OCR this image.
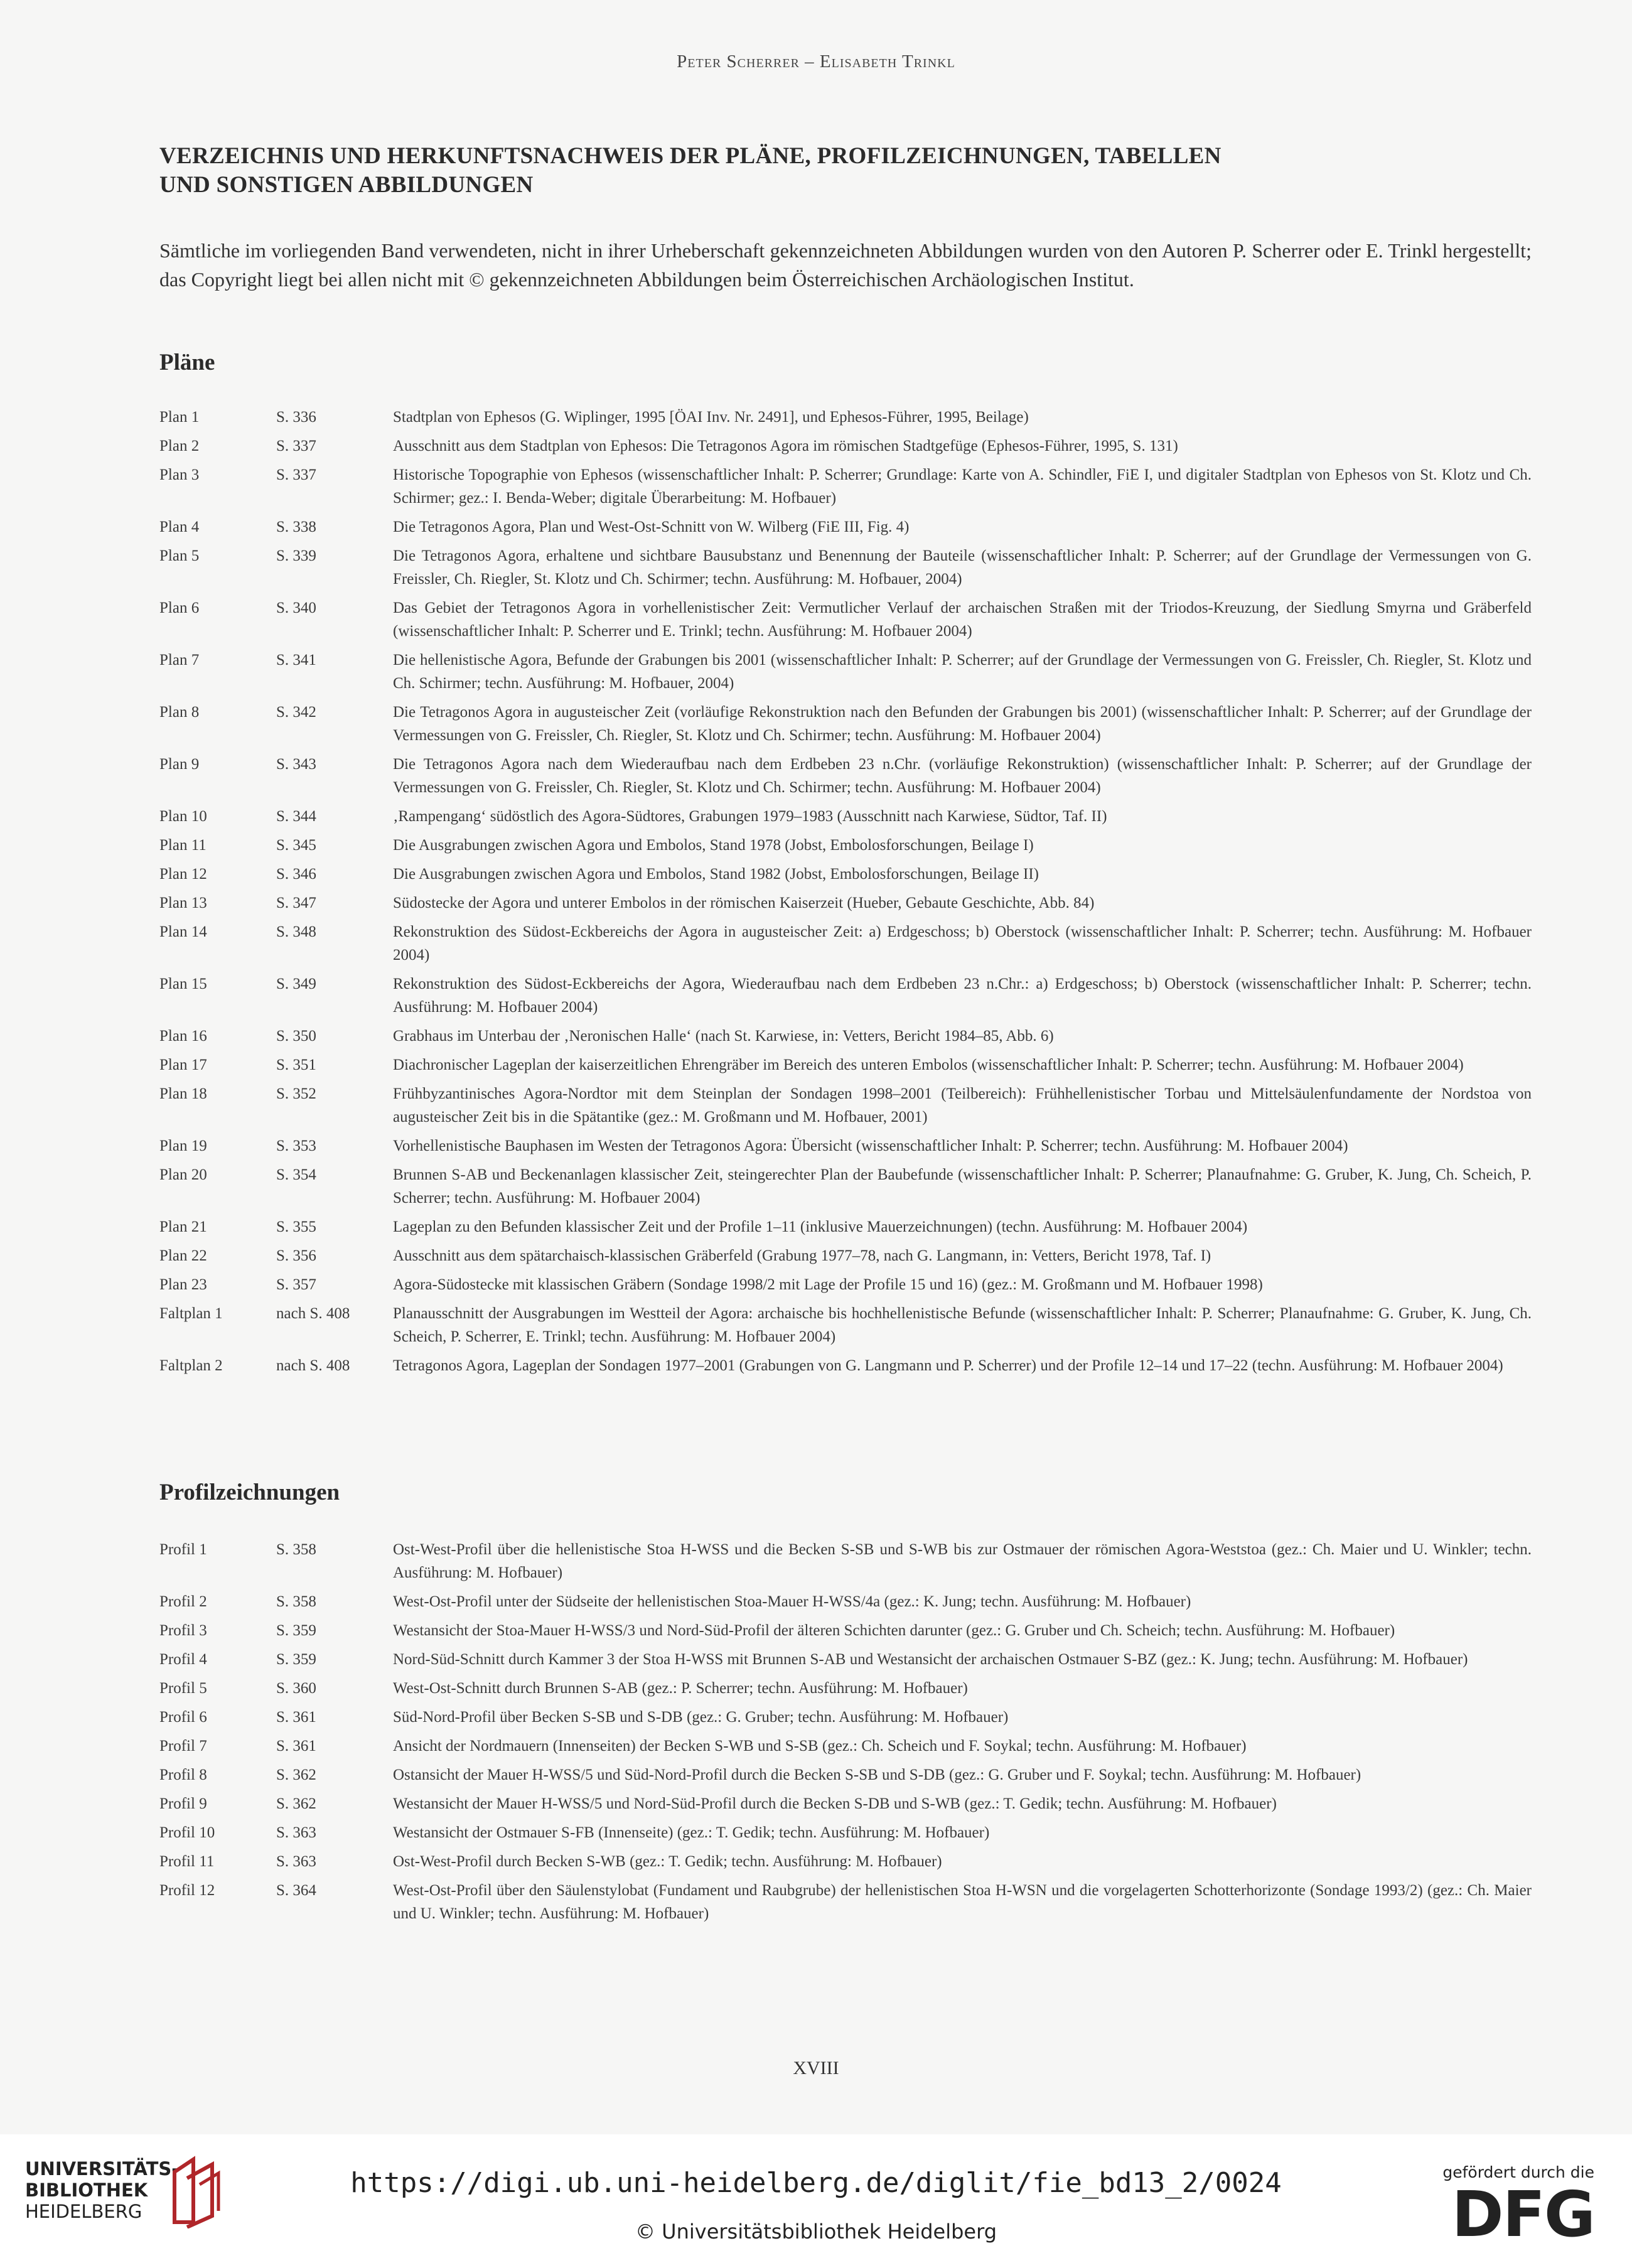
Peter Scherrer – Elisabeth Trinkl
VERZEICHNIS UND HERKUNFTSNACHWEIS DER PLÄNE, PROFILZEICHNUNGEN, TABELLEN
UND SONSTIGEN ABBILDUNGEN
Sämtliche im vorliegenden Band verwendeten, nicht in ihrer Urheberschaft gekennzeichneten Abbildungen wurden von den Autoren P. Scherrer oder E. Trinkl hergestellt; das Copyright liegt bei allen nicht mit © gekennzeichneten Abbildungen beim Österreichischen Archäologischen Institut.
Pläne
Plan 1	S. 336	Stadtplan von Ephesos (G. Wiplinger, 1995 [ÖAI Inv. Nr. 2491], und Ephesos-Führer, 1995, Beilage)
Plan 2	S. 337	Ausschnitt aus dem Stadtplan von Ephesos: Die Tetragonos Agora im römischen Stadtgefüge (Ephesos-Führer, 1995, S. 131)
Plan 3	S. 337	Historische Topographie von Ephesos (wissenschaftlicher Inhalt: P. Scherrer; Grundlage: Karte von A. Schindler, FiE I, und digitaler Stadtplan von Ephesos von St. Klotz und Ch. Schirmer; gez.: I. Benda-Weber; digitale Überarbeitung: M. Hofbauer)
Plan 4	S. 338	Die Tetragonos Agora, Plan und West-Ost-Schnitt von W. Wilberg (FiE III, Fig. 4)
Plan 5	S. 339	Die Tetragonos Agora, erhaltene und sichtbare Bausubstanz und Benennung der Bauteile (wissenschaftlicher Inhalt: P. Scherrer; auf der Grundlage der Vermessungen von G. Freissler, Ch. Riegler, St. Klotz und Ch. Schirmer; techn. Ausführung: M. Hofbauer, 2004)
Plan 6	S. 340	Das Gebiet der Tetragonos Agora in vorhellenistischer Zeit: Vermutlicher Verlauf der archaischen Straßen mit der Triodos-Kreuzung, der Siedlung Smyrna und Gräberfeld (wissenschaftlicher Inhalt: P. Scherrer und E. Trinkl; techn. Ausführung: M. Hofbauer 2004)
Plan 7	S. 341	Die hellenistische Agora, Befunde der Grabungen bis 2001 (wissenschaftlicher Inhalt: P. Scherrer; auf der Grundlage der Vermessungen von G. Freissler, Ch. Riegler, St. Klotz und Ch. Schirmer; techn. Ausführung: M. Hofbauer, 2004)
Plan 8	S. 342	Die Tetragonos Agora in augusteischer Zeit (vorläufige Rekonstruktion nach den Befunden der Grabungen bis 2001) (wissenschaftlicher Inhalt: P. Scherrer; auf der Grundlage der Vermessungen von G. Freissler, Ch. Riegler, St. Klotz und Ch. Schirmer; techn. Ausführung: M. Hofbauer 2004)
Plan 9	S. 343	Die Tetragonos Agora nach dem Wiederaufbau nach dem Erdbeben 23 n.Chr. (vorläufige Rekonstruktion) (wissenschaftlicher Inhalt: P. Scherrer; auf der Grundlage der Vermessungen von G. Freissler, Ch. Riegler, St. Klotz und Ch. Schirmer; techn. Ausführung: M. Hofbauer 2004)
Plan 10	S. 344	‚Rampengang‘ südöstlich des Agora-Südtores, Grabungen 1979–1983 (Ausschnitt nach Karwiese, Südtor, Taf. II)
Plan 11	S. 345	Die Ausgrabungen zwischen Agora und Embolos, Stand 1978 (Jobst, Embolosforschungen, Beilage I)
Plan 12	S. 346	Die Ausgrabungen zwischen Agora und Embolos, Stand 1982 (Jobst, Embolosforschungen, Beilage II)
Plan 13	S. 347	Südostecke der Agora und unterer Embolos in der römischen Kaiserzeit (Hueber, Gebaute Geschichte, Abb. 84)
Plan 14	S. 348	Rekonstruktion des Südost-Eckbereichs der Agora in augusteischer Zeit: a) Erdgeschoss; b) Oberstock (wissenschaftlicher Inhalt: P. Scherrer; techn. Ausführung: M. Hofbauer 2004)
Plan 15	S. 349	Rekonstruktion des Südost-Eckbereichs der Agora, Wiederaufbau nach dem Erdbeben 23 n.Chr.: a) Erdgeschoss; b) Oberstock (wissenschaftlicher Inhalt: P. Scherrer; techn. Ausführung: M. Hofbauer 2004)
Plan 16	S. 350	Grabhaus im Unterbau der ‚Neronischen Halle‘ (nach St. Karwiese, in: Vetters, Bericht 1984–85, Abb. 6)
Plan 17	S. 351	Diachronischer Lageplan der kaiserzeitlichen Ehrengräber im Bereich des unteren Embolos (wissenschaftlicher Inhalt: P. Scherrer; techn. Ausführung: M. Hofbauer 2004)
Plan 18	S. 352	Frühbyzantinisches Agora-Nordtor mit dem Steinplan der Sondagen 1998–2001 (Teilbereich): Frühhellenistischer Torbau und Mittelsäulenfundamente der Nordstoa von augusteischer Zeit bis in die Spätantike (gez.: M. Großmann und M. Hofbauer, 2001)
Plan 19	S. 353	Vorhellenistische Bauphasen im Westen der Tetragonos Agora: Übersicht (wissenschaftlicher Inhalt: P. Scherrer; techn. Ausführung: M. Hofbauer 2004)
Plan 20	S. 354	Brunnen S-AB und Beckenanlagen klassischer Zeit, steingerechter Plan der Baubefunde (wissenschaftlicher Inhalt: P. Scherrer; Planaufnahme: G. Gruber, K. Jung, Ch. Scheich, P. Scherrer; techn. Ausführung: M. Hofbauer 2004)
Plan 21	S. 355	Lageplan zu den Befunden klassischer Zeit und der Profile 1–11 (inklusive Mauerzeichnungen) (techn. Ausführung: M. Hofbauer 2004)
Plan 22	S. 356	Ausschnitt aus dem spätarchaisch-klassischen Gräberfeld (Grabung 1977–78, nach G. Langmann, in: Vetters, Bericht 1978, Taf. I)
Plan 23	S. 357	Agora-Südostecke mit klassischen Gräbern (Sondage 1998/2 mit Lage der Profile 15 und 16) (gez.: M. Großmann und M. Hofbauer 1998)
Faltplan 1	nach S. 408	Planausschnitt der Ausgrabungen im Westteil der Agora: archaische bis hochhellenistische Befunde (wissenschaftlicher Inhalt: P. Scherrer; Planaufnahme: G. Gruber, K. Jung, Ch. Scheich, P. Scherrer, E. Trinkl; techn. Ausführung: M. Hofbauer 2004)
Faltplan 2	nach S. 408	Tetragonos Agora, Lageplan der Sondagen 1977–2001 (Grabungen von G. Langmann und P. Scherrer) und der Profile 12–14 und 17–22 (techn. Ausführung: M. Hofbauer 2004)
Profilzeichnungen
Profil 1	S. 358	Ost-West-Profil über die hellenistische Stoa H-WSS und die Becken S-SB und S-WB bis zur Ostmauer der römischen Agora-Weststoa (gez.: Ch. Maier und U. Winkler; techn. Ausführung: M. Hofbauer)
Profil 2	S. 358	West-Ost-Profil unter der Südseite der hellenistischen Stoa-Mauer H-WSS/4a (gez.: K. Jung; techn. Ausführung: M. Hofbauer)
Profil 3	S. 359	Westansicht der Stoa-Mauer H-WSS/3 und Nord-Süd-Profil der älteren Schichten darunter (gez.: G. Gruber und Ch. Scheich; techn. Ausführung: M. Hofbauer)
Profil 4	S. 359	Nord-Süd-Schnitt durch Kammer 3 der Stoa H-WSS mit Brunnen S-AB und Westansicht der archaischen Ostmauer S-BZ (gez.: K. Jung; techn. Ausführung: M. Hofbauer)
Profil 5	S. 360	West-Ost-Schnitt durch Brunnen S-AB (gez.: P. Scherrer; techn. Ausführung: M. Hofbauer)
Profil 6	S. 361	Süd-Nord-Profil über Becken S-SB und S-DB (gez.: G. Gruber; techn. Ausführung: M. Hofbauer)
Profil 7	S. 361	Ansicht der Nordmauern (Innenseiten) der Becken S-WB und S-SB (gez.: Ch. Scheich und F. Soykal; techn. Ausführung: M. Hofbauer)
Profil 8	S. 362	Ostansicht der Mauer H-WSS/5 und Süd-Nord-Profil durch die Becken S-SB und S-DB (gez.: G. Gruber und F. Soykal; techn. Ausführung: M. Hofbauer)
Profil 9	S. 362	Westansicht der Mauer H-WSS/5 und Nord-Süd-Profil durch die Becken S-DB und S-WB (gez.: T. Gedik; techn. Ausführung: M. Hofbauer)
Profil 10	S. 363	Westansicht der Ostmauer S-FB (Innenseite) (gez.: T. Gedik; techn. Ausführung: M. Hofbauer)
Profil 11	S. 363	Ost-West-Profil durch Becken S-WB (gez.: T. Gedik; techn. Ausführung: M. Hofbauer)
Profil 12	S. 364	West-Ost-Profil über den Säulenstylobat (Fundament und Raubgrube) der hellenistischen Stoa H-WSN und die vorgelagerten Schotterhorizonte (Sondage 1993/2) (gez.: Ch. Maier und U. Winkler; techn. Ausführung: M. Hofbauer)
XVIII
UNIVERSITÄTS-
BIBLIOTHEK
HEIDELBERG
https://digi.ub.uni-heidelberg.de/diglit/fie_bd13_2/0024
© Universitätsbibliothek Heidelberg
gefördert durch die
DFG
